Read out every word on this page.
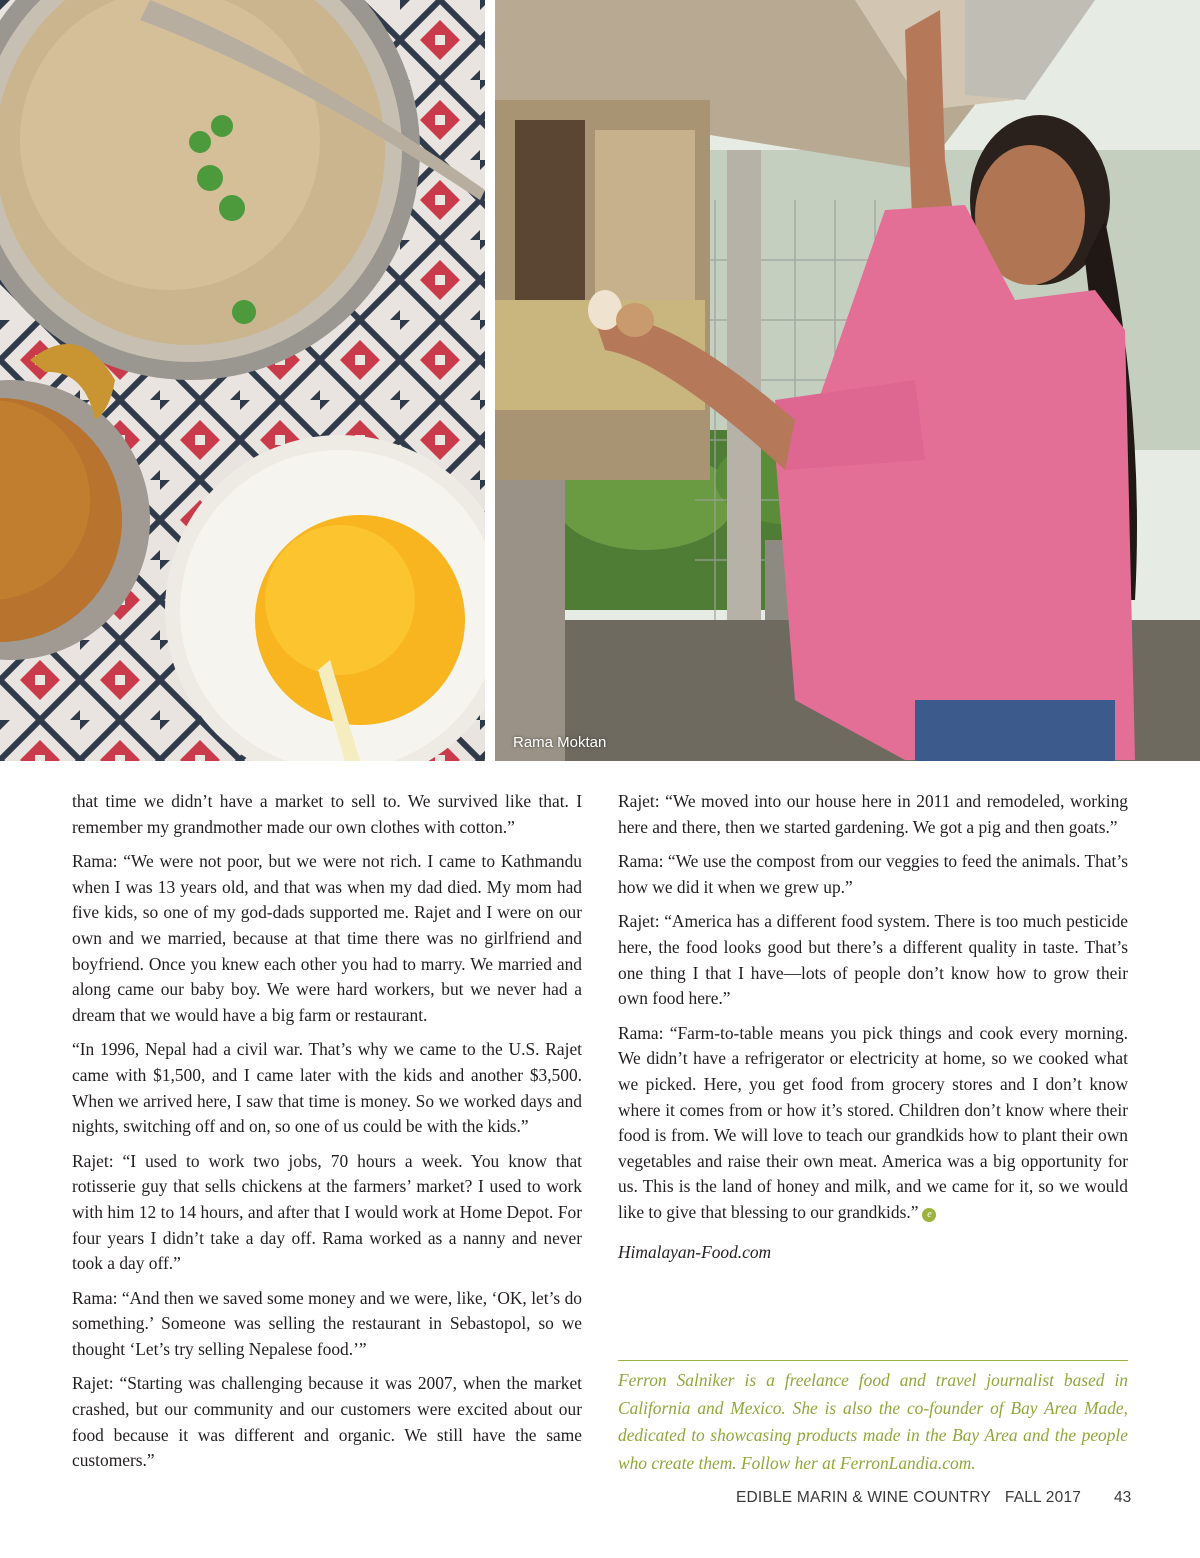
Rama Moktan

that time we didn’t have a market to sell to. We survived like that. I remember my grandmother made our own clothes with cotton.”

Rama: “We were not poor, but we were not rich. I came to Kathmandu when I was 13 years old, and that was when my dad died. My mom had five kids, so one of my god-dads supported me. Rajet and I were on our own and we married, because at that time there was no girlfriend and boyfriend. Once you knew each other you had to marry. We married and along came our baby boy. We were hard workers, but we never had a dream that we would have a big farm or restaurant.

“In 1996, Nepal had a civil war. That’s why we came to the U.S. Rajet came with $1,500, and I came later with the kids and another $3,500. When we arrived here, I saw that time is money. So we worked days and nights, switching off and on, so one of us could be with the kids.”

Rajet: “I used to work two jobs, 70 hours a week. You know that rotisserie guy that sells chickens at the farmers’ market? I used to work with him 12 to 14 hours, and after that I would work at Home Depot. For four years I didn’t take a day off. Rama worked as a nanny and never took a day off.”

Rama: “And then we saved some money and we were, like, ‘OK, let’s do something.’ Someone was selling the restaurant in Sebastopol, so we thought ‘Let’s try selling Nepalese food.’”

Rajet: “Starting was challenging because it was 2007, when the market crashed, but our community and our customers were excited about our food because it was different and organic. We still have the same customers.”

Rajet: “We moved into our house here in 2011 and remodeled, working here and there, then we started gardening. We got a pig and then goats.”

Rama: “We use the compost from our veggies to feed the animals. That’s how we did it when we grew up.”

Rajet: “America has a different food system. There is too much pesticide here, the food looks good but there’s a different quality in taste. That’s one thing I that I have—lots of people don’t know how to grow their own food here.”

Rama: “Farm-to-table means you pick things and cook every morning. We didn’t have a refrigerator or electricity at home, so we cooked what we picked. Here, you get food from grocery stores and I don’t know where it comes from or how it’s stored. Children don’t know where their food is from. We will love to teach our grandkids how to plant their own vegetables and raise their own meat. America was a big opportunity for us. This is the land of honey and milk, and we came for it, so we would like to give that blessing to our grandkids.” e

Himalayan-Food.com

Ferron Salniker is a freelance food and travel journalist based in California and Mexico. She is also the co-founder of Bay Area Made, dedicated to showcasing products made in the Bay Area and the people who create them. Follow her at FerronLandia.com.
EDIBLE MARIN & WINE COUNTRY FALL 2017 43
